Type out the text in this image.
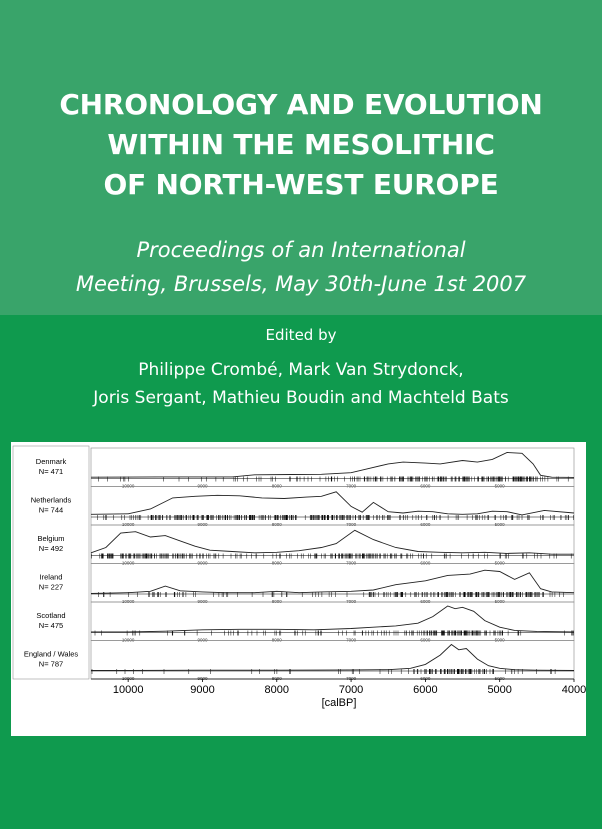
CHRONOLOGY AND EVOLUTION
WITHIN THE MESOLITHIC
OF NORTH-WEST EUROPE
Proceedings of an International
Meeting, Brussels, May 30th-June 1st 2007
Edited by
Philippe Crombé, Mark Van Strydonck,
Joris Sergant, Mathieu Boudin and Machteld Bats
Denmark
N= 471
10000	9000	8000	7000	6000	5000
Netherlands
N= 744
10000	9000	8000	7000	6000	5000
Belgium
N= 492
10000	9000	8000	7000	6000	5000
Ireland
N= 227
10000	9000	8000	7000	6000	5000
Scotland
N= 475
10000	9000	8000	7000	6000	5000
England / Wales
N= 787
10000	9000	8000	7000	6000	5000
10000	9000	8000	7000	6000	5000	4000
[calBP]
